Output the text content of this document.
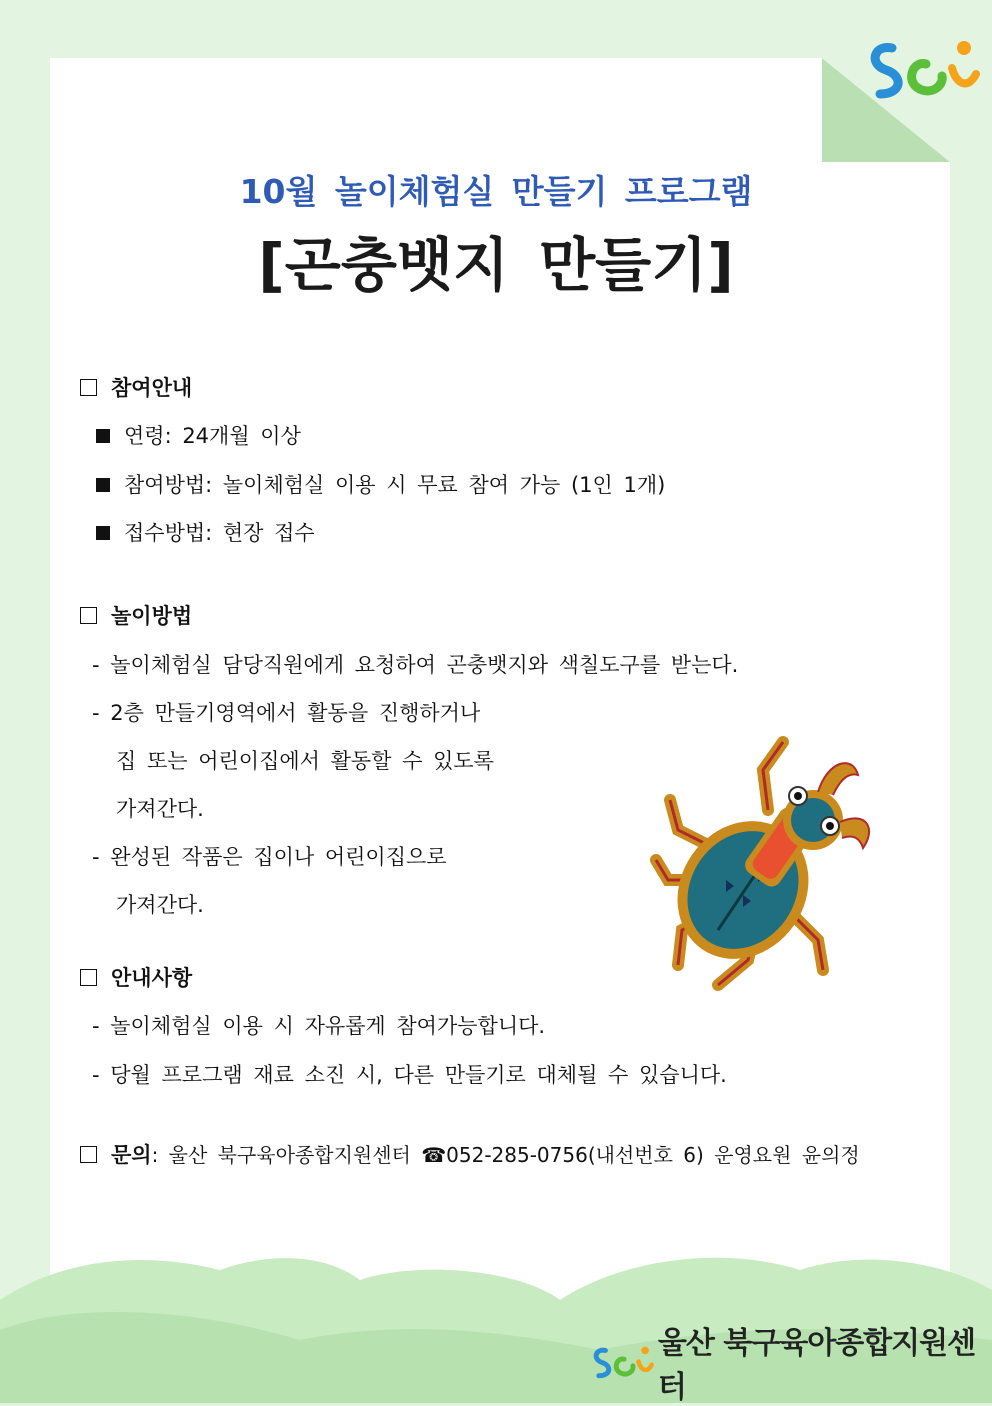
10월 놀이체험실 만들기 프로그램
[곤충뱃지 만들기]
참여안내
연령: 24개월 이상
참여방법: 놀이체험실 이용 시 무료 참여 가능 (1인 1개)
접수방법: 현장 접수
놀이방법
- 놀이체험실 담당직원에게 요청하여 곤충뱃지와 색칠도구를 받는다.
- 2층 만들기영역에서 활동을 진행하거나
집 또는 어린이집에서 활동할 수 있도록
가져간다.
- 완성된 작품은 집이나 어린이집으로
가져간다.
안내사항
- 놀이체험실 이용 시 자유롭게 참여가능합니다.
- 당월 프로그램 재료 소진 시, 다른 만들기로 대체될 수 있습니다.
문의: 울산 북구육아종합지원센터 ☎052-285-0756(내선번호 6) 운영요원 윤의정
울산 북구육아종합지원센터
